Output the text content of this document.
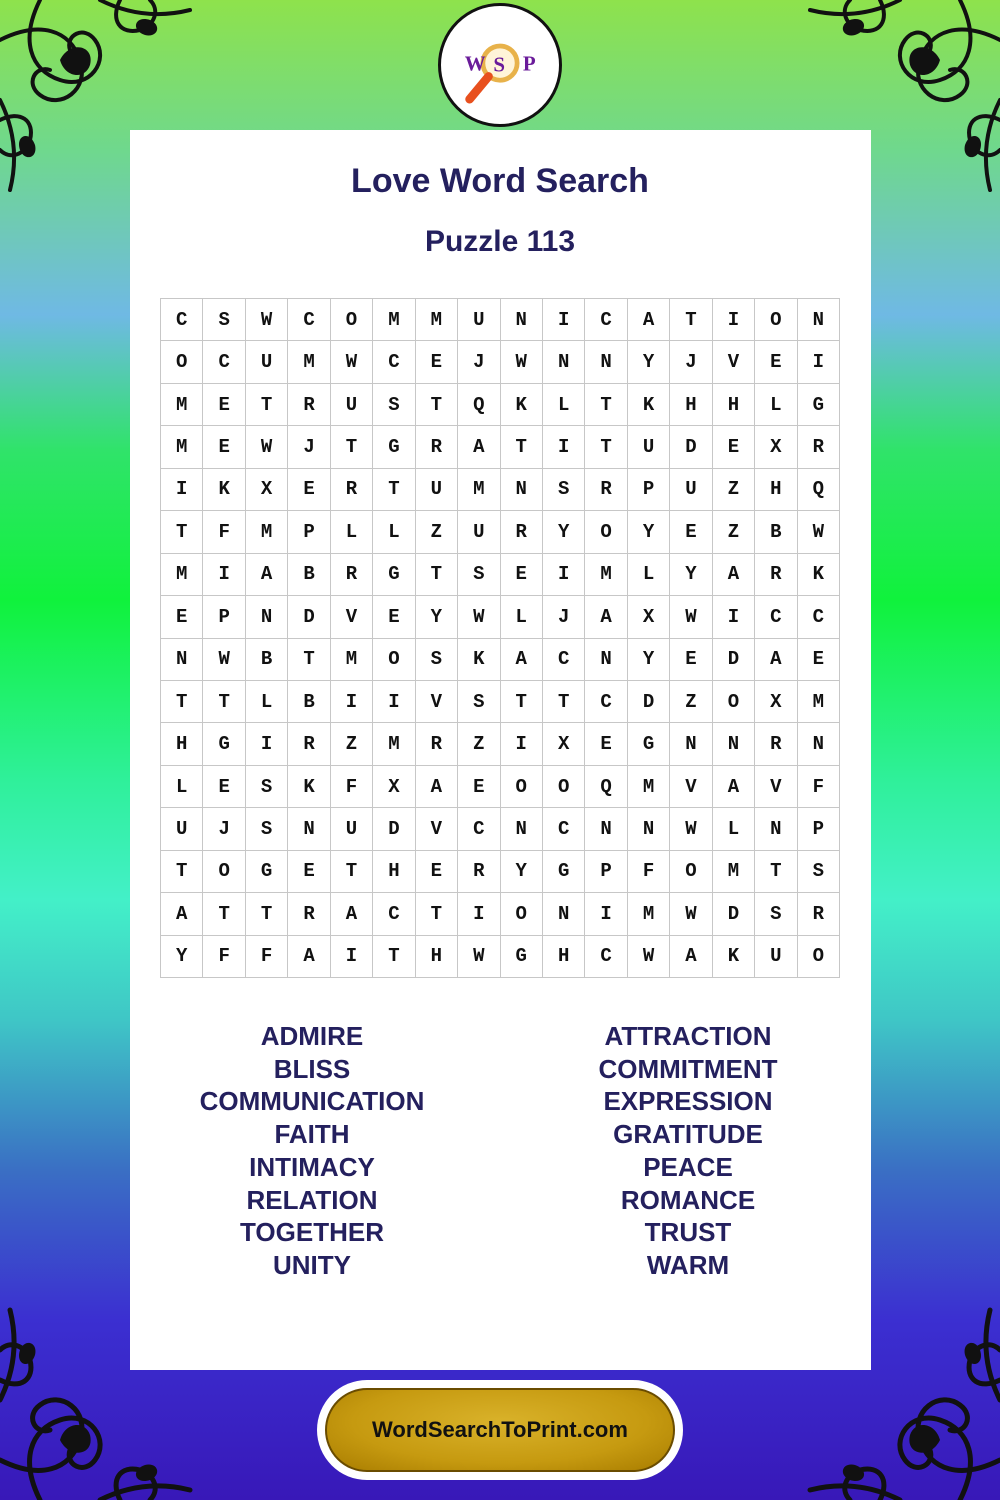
W S P
Love Word Search
Puzzle 113
C	S	W	C	O	M	M	U	N	I	C	A	T	I	O	N
O	C	U	M	W	C	E	J	W	N	N	Y	J	V	E	I
M	E	T	R	U	S	T	Q	K	L	T	K	H	H	L	G
M	E	W	J	T	G	R	A	T	I	T	U	D	E	X	R
I	K	X	E	R	T	U	M	N	S	R	P	U	Z	H	Q
T	F	M	P	L	L	Z	U	R	Y	O	Y	E	Z	B	W
M	I	A	B	R	G	T	S	E	I	M	L	Y	A	R	K
E	P	N	D	V	E	Y	W	L	J	A	X	W	I	C	C
N	W	B	T	M	O	S	K	A	C	N	Y	E	D	A	E
T	T	L	B	I	I	V	S	T	T	C	D	Z	O	X	M
H	G	I	R	Z	M	R	Z	I	X	E	G	N	N	R	N
L	E	S	K	F	X	A	E	O	O	Q	M	V	A	V	F
U	J	S	N	U	D	V	C	N	C	N	N	W	L	N	P
T	O	G	E	T	H	E	R	Y	G	P	F	O	M	T	S
A	T	T	R	A	C	T	I	O	N	I	M	W	D	S	R
Y	F	F	A	I	T	H	W	G	H	C	W	A	K	U	O
ADMIRE
BLISS
COMMUNICATION
FAITH
INTIMACY
RELATION
TOGETHER
UNITY
ATTRACTION
COMMITMENT
EXPRESSION
GRATITUDE
PEACE
ROMANCE
TRUST
WARM
WordSearchToPrint.com
